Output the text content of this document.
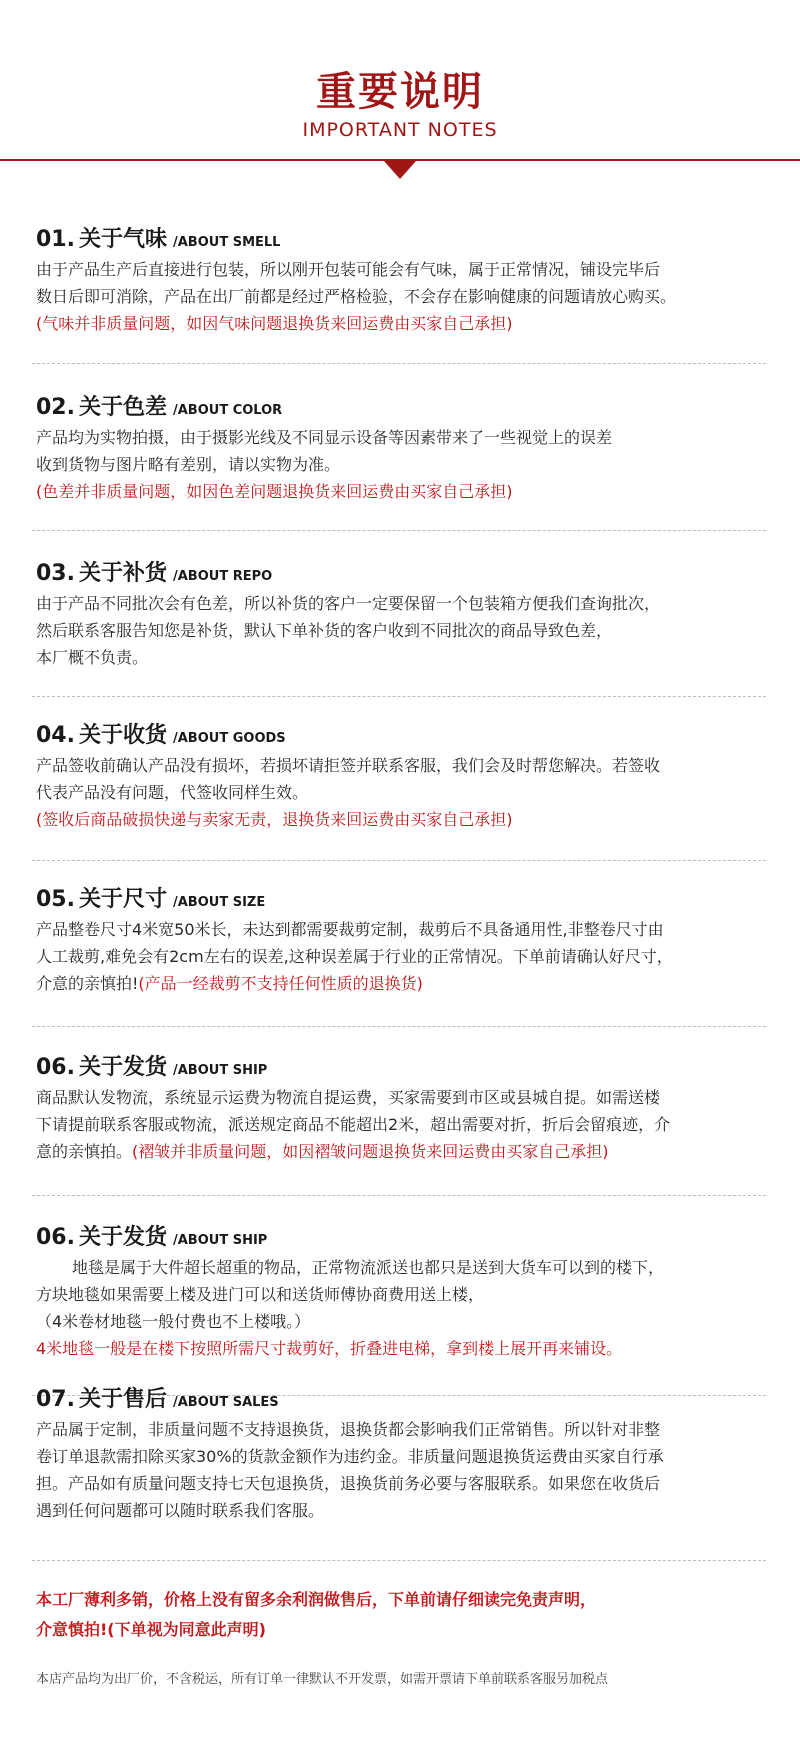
重要说明
IMPORTANT NOTES
01. 关于气味 /ABOUT SMELL
由于产品生产后直接进行包装，所以刚开包装可能会有气味，属于正常情况，铺设完毕后
数日后即可消除，产品在出厂前都是经过严格检验，不会存在影响健康的问题请放心购买。
(气味并非质量问题，如因气味问题退换货来回运费由买家自己承担)
02. 关于色差 /ABOUT COLOR
产品均为实物拍摄，由于摄影光线及不同显示设备等因素带来了一些视觉上的误差
收到货物与图片略有差别，请以实物为准。
(色差并非质量问题，如因色差问题退换货来回运费由买家自己承担)
03. 关于补货 /ABOUT REPO
由于产品不同批次会有色差，所以补货的客户一定要保留一个包装箱方便我们查询批次，
然后联系客服告知您是补货，默认下单补货的客户收到不同批次的商品导致色差，
本厂概不负责。
04. 关于收货 /ABOUT GOODS
产品签收前确认产品没有损坏，若损坏请拒签并联系客服，我们会及时帮您解决。若签收
代表产品没有问题，代签收同样生效。
(签收后商品破损快递与卖家无责，退换货来回运费由买家自己承担)
05. 关于尺寸 /ABOUT SIZE
产品整卷尺寸4米宽50米长，未达到都需要裁剪定制，裁剪后不具备通用性,非整卷尺寸由
人工裁剪,难免会有2cm左右的误差,这种误差属于行业的正常情况。下单前请确认好尺寸，
介意的亲慎拍!(产品一经裁剪不支持任何性质的退换货)
06. 关于发货 /ABOUT SHIP
商品默认发物流，系统显示运费为物流自提运费，买家需要到市区或县城自提。如需送楼
下请提前联系客服或物流，派送规定商品不能超出2米，超出需要对折，折后会留痕迹，介
意的亲慎拍。(褶皱并非质量问题，如因褶皱问题退换货来回运费由买家自己承担)
06. 关于发货 /ABOUT SHIP
地毯是属于大件超长超重的物品，正常物流派送也都只是送到大货车可以到的楼下，
方块地毯如果需要上楼及进门可以和送货师傅协商费用送上楼，
（4米卷材地毯一般付费也不上楼哦。）
4米地毯一般是在楼下按照所需尺寸裁剪好，折叠进电梯，拿到楼上展开再来铺设。
07. 关于售后 /ABOUT SALES
产品属于定制，非质量问题不支持退换货，退换货都会影响我们正常销售。所以针对非整
卷订单退款需扣除买家30%的货款金额作为违约金。非质量问题退换货运费由买家自行承
担。产品如有质量问题支持七天包退换货，退换货前务必要与客服联系。如果您在收货后
遇到任何问题都可以随时联系我们客服。
本工厂薄利多销，价格上没有留多余利润做售后，下单前请仔细读完免责声明，
介意慎拍!(下单视为同意此声明)
本店产品均为出厂价，不含税运，所有订单一律默认不开发票，如需开票请下单前联系客服另加税点
